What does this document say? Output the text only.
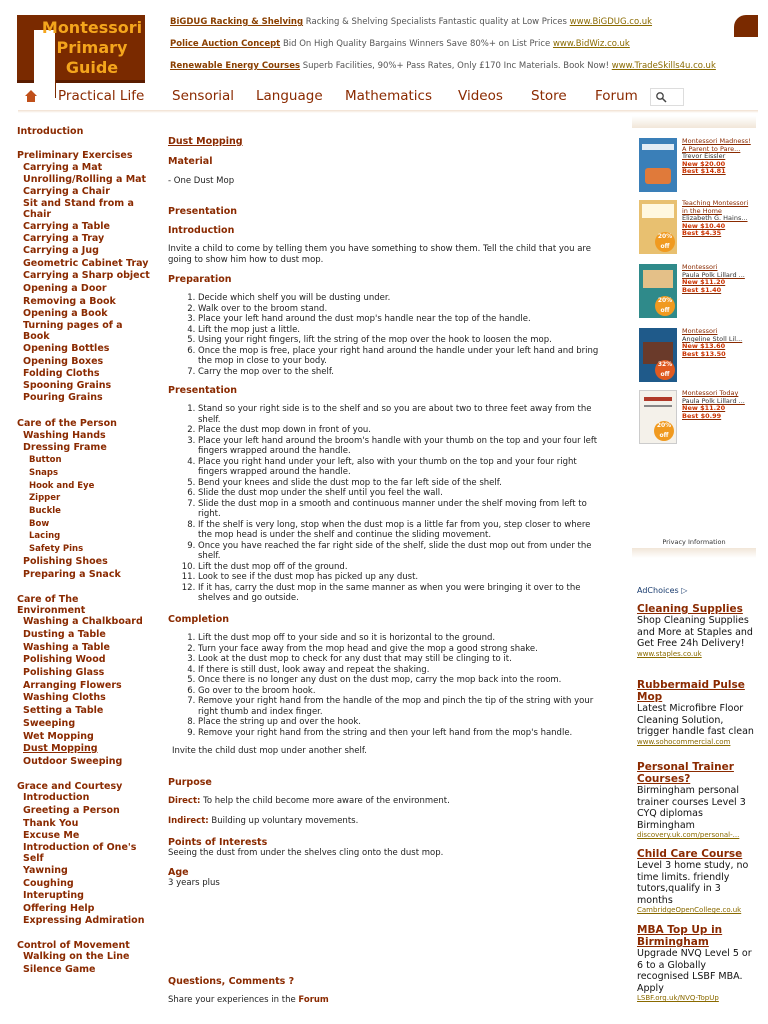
Montessori
Primary
Guide
BiGDUG Racking & Shelving Racking & Shelving Specialists Fantastic quality at Low Prices www.BiGDUG.co.uk
Police Auction Concept Bid On High Quality Bargains Winners Save 80%+ on List Price www.BidWiz.co.uk
Renewable Energy Courses Superb Facilities, 90%+ Pass Rates, Only £170 Inc Materials. Book Now! www.TradeSkills4u.co.uk
Practical Life Sensorial Language Mathematics Videos Store Forum
Introduction
Preliminary Exercises
Carrying a Mat
Unrolling/Rolling a Mat
Carrying a Chair
Sit and Stand from a
Chair
Carrying a Table
Carrying a Tray
Carrying a Jug
Geometric Cabinet Tray
Carrying a Sharp object
Opening a Door
Removing a Book
Opening a Book
Turning pages of a
Book
Opening Bottles
Opening Boxes
Folding Cloths
Spooning Grains
Pouring Grains
Care of the Person
Washing Hands
Dressing Frame
Button
Snaps
Hook and Eye
Zipper
Buckle
Bow
Lacing
Safety Pins
Polishing Shoes
Preparing a Snack
Care of The
Environment
Washing a Chalkboard
Dusting a Table
Washing a Table
Polishing Wood
Polishing Glass
Arranging Flowers
Washing Cloths
Setting a Table
Sweeping
Wet Mopping
Dust Mopping
Outdoor Sweeping
Grace and Courtesy
Introduction
Greeting a Person
Thank You
Excuse Me
Introduction of One's
Self
Yawning
Coughing
Interupting
Offering Help
Expressing Admiration
Control of Movement
Walking on the Line
Silence Game
Dust Mopping
Material
- One Dust Mop
Presentation
Introduction
Invite a child to come by telling them you have something to show them. Tell the child that you are going to show him how to dust mop.
Preparation
1. Decide which shelf you will be dusting under.
2. Walk over to the broom stand.
3. Place your left hand around the dust mop's handle near the top of the handle.
4. Lift the mop just a little.
5. Using your right fingers, lift the string of the mop over the hook to loosen the mop.
6. Once the mop is free, place your right hand around the handle under your left hand and bring the mop in close to your body.
7. Carry the mop over to the shelf.
Presentation
1. Stand so your right side is to the shelf and so you are about two to three feet away from the shelf.
2. Place the dust mop down in front of you.
3. Place your left hand around the broom's handle with your thumb on the top and your four left fingers wrapped around the handle.
4. Place you right hand under your left, also with your thumb on the top and your four right fingers wrapped around the handle.
5. Bend your knees and slide the dust mop to the far left side of the shelf.
6. Slide the dust mop under the shelf until you feel the wall.
7. Slide the dust mop in a smooth and continuous manner under the shelf moving from left to right.
8. If the shelf is very long, stop when the dust mop is a little far from you, step closer to where the mop head is under the shelf and continue the sliding movement.
9. Once you have reached the far right side of the shelf, slide the dust mop out from under the shelf.
10. Lift the dust mop off of the ground.
11. Look to see if the dust mop has picked up any dust.
12. If it has, carry the dust mop in the same manner as when you were bringing it over to the shelves and go outside.
Completion
1. Lift the dust mop off to your side and so it is horizontal to the ground.
2. Turn your face away from the mop head and give the mop a good strong shake.
3. Look at the dust mop to check for any dust that may still be clinging to it.
4. If there is still dust, look away and repeat the shaking.
5. Once there is no longer any dust on the dust mop, carry the mop back into the room.
6. Go over to the broom hook.
7. Remove your right hand from the handle of the mop and pinch the tip of the string with your right thumb and index finger.
8. Place the string up and over the hook.
9. Remove your right hand from the string and then your left hand from the mop's handle.
Invite the child dust mop under another shelf.
Purpose
Direct: To help the child become more aware of the environment.
Indirect: Building up voluntary movements.
Points of Interests
Seeing the dust from under the shelves cling onto the dust mop.
Age
3 years plus
Questions, Comments ?
Share your experiences in the Forum
Montessori Madness! A Parent to Pare...
Trevor Eissler
New $20.00
Best $14.81
20% off
Teaching Montessori in the Home
Elizabeth G. Hains...
New $10.40
Best $4.35
20% off
Montessori
Paula Polk Lillard ...
New $11.20
Best $1.40
32% off
Montessori
Angeline Stoll Lil...
New $13.60
Best $13.50
20% off
Montessori Today
Paula Polk Lillard ...
New $11.20
Best $0.99
Privacy Information
AdChoices ▷
Cleaning Supplies
Shop Cleaning Supplies and More at Staples and Get Free 24h Delivery!
www.staples.co.uk
Rubbermaid Pulse Mop
Latest Microfibre Floor Cleaning Solution, trigger handle fast clean
www.sohocommercial.com
Personal Trainer Courses?
Birmingham personal trainer courses Level 3 CYQ diplomas Birmingham
discovery.uk.com/personal-...
Child Care Course
Level 3 home study, no time limits. friendly tutors,qualify in 3 months
CambridgeOpenCollege.co.uk
MBA Top Up in Birmingham
Upgrade NVQ Level 5 or 6 to a Globally recognised LSBF MBA. Apply
LSBF.org.uk/NVQ-TopUp
